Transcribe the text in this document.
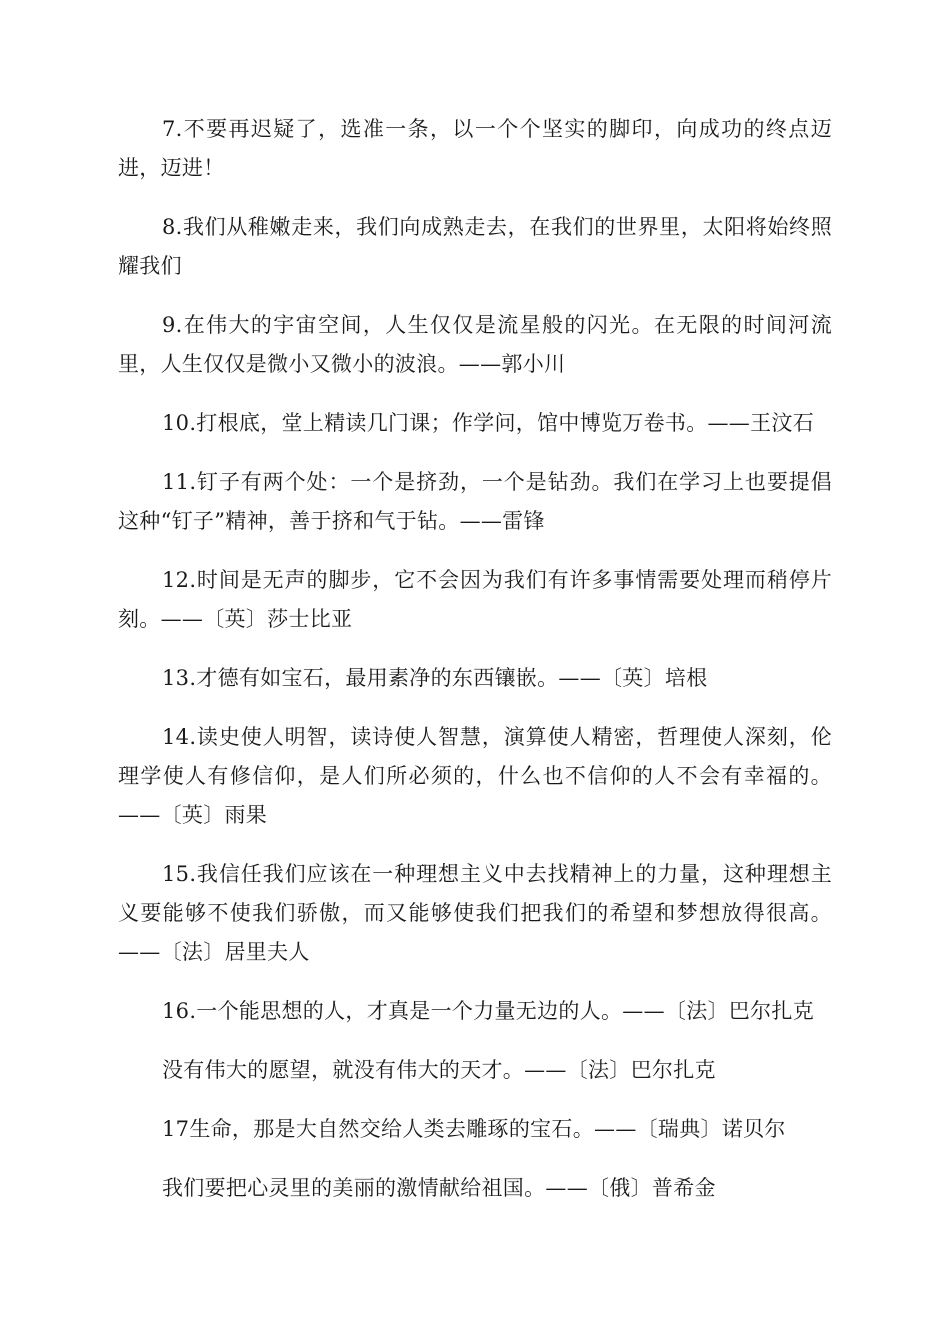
7.不要再迟疑了，选准一条，以一个个坚实的脚印，向成功的终点迈进，迈进！

8.我们从稚嫩走来，我们向成熟走去，在我们的世界里，太阳将始终照耀我们

9.在伟大的宇宙空间，人生仅仅是流星般的闪光。在无限的时间河流里，人生仅仅是微小又微小的波浪。——郭小川

10.打根底，堂上精读几门课；作学问，馆中博览万卷书。——王汶石

11.钉子有两个处：一个是挤劲，一个是钻劲。我们在学习上也要提倡这种“钉子”精神，善于挤和气于钻。——雷锋

12.时间是无声的脚步，它不会因为我们有许多事情需要处理而稍停片刻。——〔英〕莎士比亚

13.才德有如宝石，最用素净的东西镶嵌。——〔英〕培根

14.读史使人明智，读诗使人智慧，演算使人精密，哲理使人深刻，伦理学使人有修信仰，是人们所必须的，什么也不信仰的人不会有幸福的。——〔英〕雨果

15.我信任我们应该在一种理想主义中去找精神上的力量，这种理想主义要能够不使我们骄傲，而又能够使我们把我们的希望和梦想放得很高。——〔法〕居里夫人

16.一个能思想的人，才真是一个力量无边的人。——〔法〕巴尔扎克

没有伟大的愿望，就没有伟大的天才。——〔法〕巴尔扎克

17生命，那是大自然交给人类去雕琢的宝石。——〔瑞典〕诺贝尔

我们要把心灵里的美丽的激情献给祖国。——〔俄〕普希金
